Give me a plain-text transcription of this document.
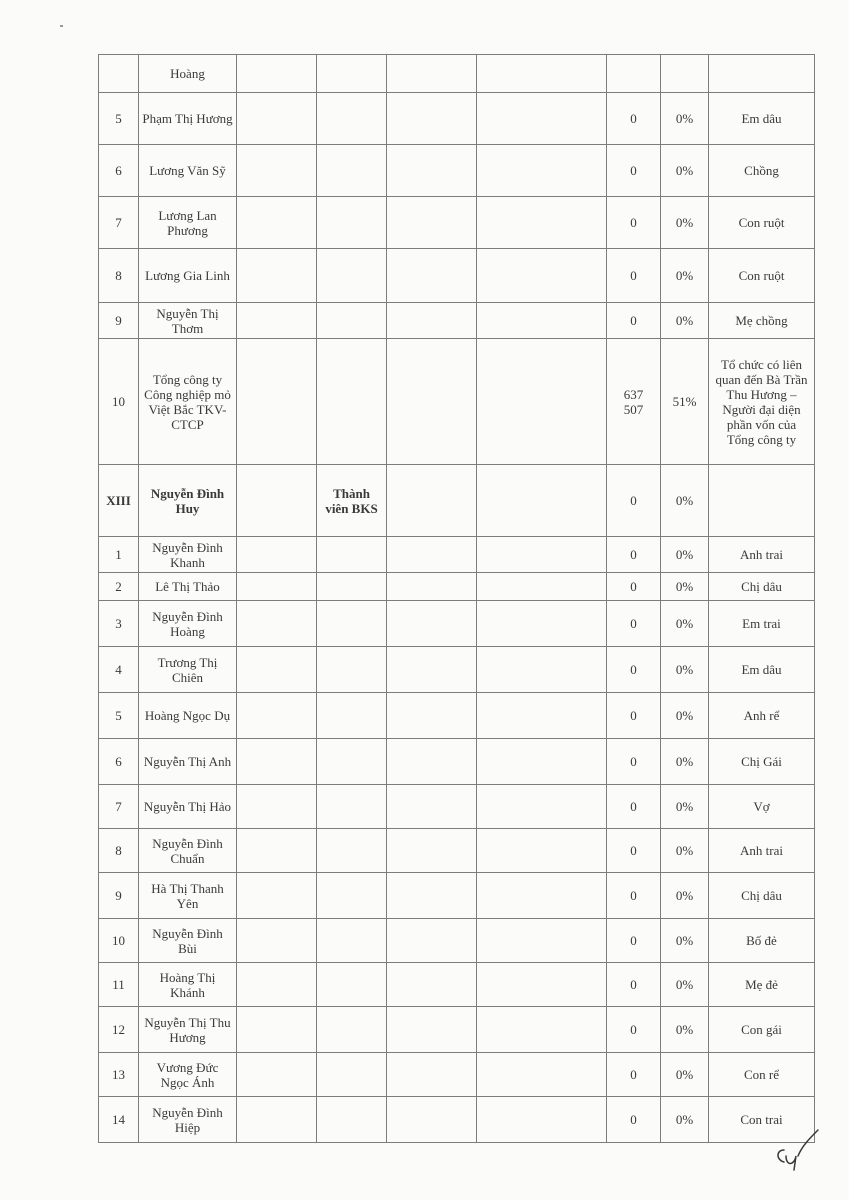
	Hoàng							
5	Phạm Thị Hương					0	0%	Em dâu
6	Lương Văn Sỹ					0	0%	Chồng
7	Lương Lan Phương					0	0%	Con ruột
8	Lương Gia Linh					0	0%	Con ruột
9	Nguyễn Thị Thơm					0	0%	Mẹ chồng
10	Tổng công ty Công nghiệp mỏ Việt Bắc TKV-CTCP					637 507	51%	Tổ chức có liên quan đến Bà Trần Thu Hương – Người đại diện phần vốn của Tổng công ty
XIII	Nguyễn Đình Huy		Thành viên BKS			0	0%	
1	Nguyễn Đình Khanh					0	0%	Anh trai
2	Lê Thị Thảo					0	0%	Chị dâu
3	Nguyễn Đình Hoàng					0	0%	Em trai
4	Trương Thị Chiên					0	0%	Em dâu
5	Hoàng Ngọc Dụ					0	0%	Anh rể
6	Nguyễn Thị Anh					0	0%	Chị Gái
7	Nguyễn Thị Hảo					0	0%	Vợ
8	Nguyễn Đình Chuẩn					0	0%	Anh trai
9	Hà Thị Thanh Yên					0	0%	Chị dâu
10	Nguyễn Đình Bùi					0	0%	Bố đẻ
11	Hoàng Thị Khánh					0	0%	Mẹ đẻ
12	Nguyễn Thị Thu Hương					0	0%	Con gái
13	Vương Đức Ngọc Ánh					0	0%	Con rể
14	Nguyễn Đình Hiệp					0	0%	Con trai
